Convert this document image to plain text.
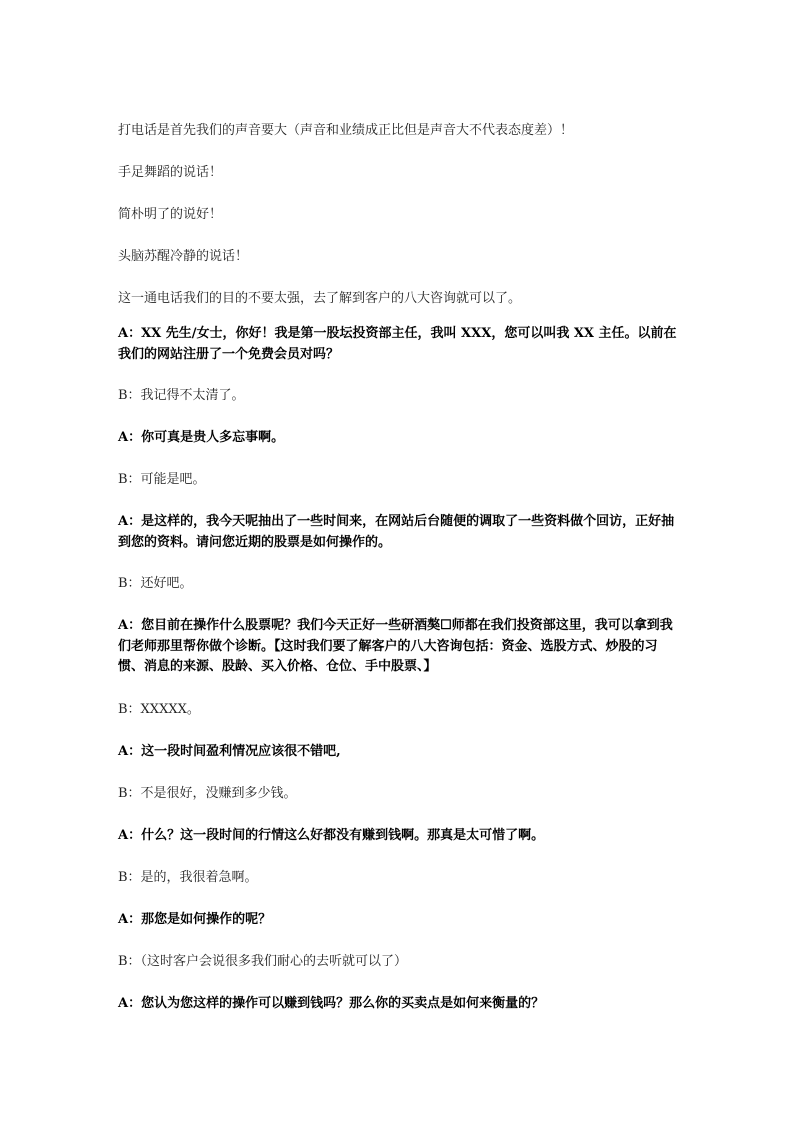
打电话是首先我们的声音要大（声音和业绩成正比但是声音大不代表态度差）！

手足舞蹈的说话！

简朴明了的说好！

头脑苏醒冷静的说话！

这一通电话我们的目的不要太强，去了解到客户的八大咨询就可以了。

A：XX 先生/女士，你好！我是第一股坛投资部主任，我叫 XXX，您可以叫我 XX 主任。以前在我们的网站注册了一个免费会员对吗？

B：我记得不太清了。

A：你可真是贵人多忘事啊。

B：可能是吧。

A：是这样的，我今天呢抽出了一些时间来，在网站后台随便的调取了一些资料做个回访，正好抽到您的资料。请问您近期的股票是如何操作的。

B：还好吧。

A：您目前在操作什么股票呢？我们今天正好一些研酒獒☐师都在我们投资部这里，我可以拿到我们老师那里帮你做个诊断。【这时我们要了解客户的八大咨询包括：资金、选股方式、炒股的习惯、消息的来源、股龄、买入价格、仓位、手中股票、】

B：XXXXX。

A：这一段时间盈利情况应该很不错吧,

B：不是很好，没赚到多少钱。

A：什么？这一段时间的行情这么好都没有赚到钱啊。那真是太可惜了啊。

B：是的，我很着急啊。

A：那您是如何操作的呢？

B：（这时客户会说很多我们耐心的去听就可以了）

A：您认为您这样的操作可以赚到钱吗？那么你的买卖点是如何来衡量的？
